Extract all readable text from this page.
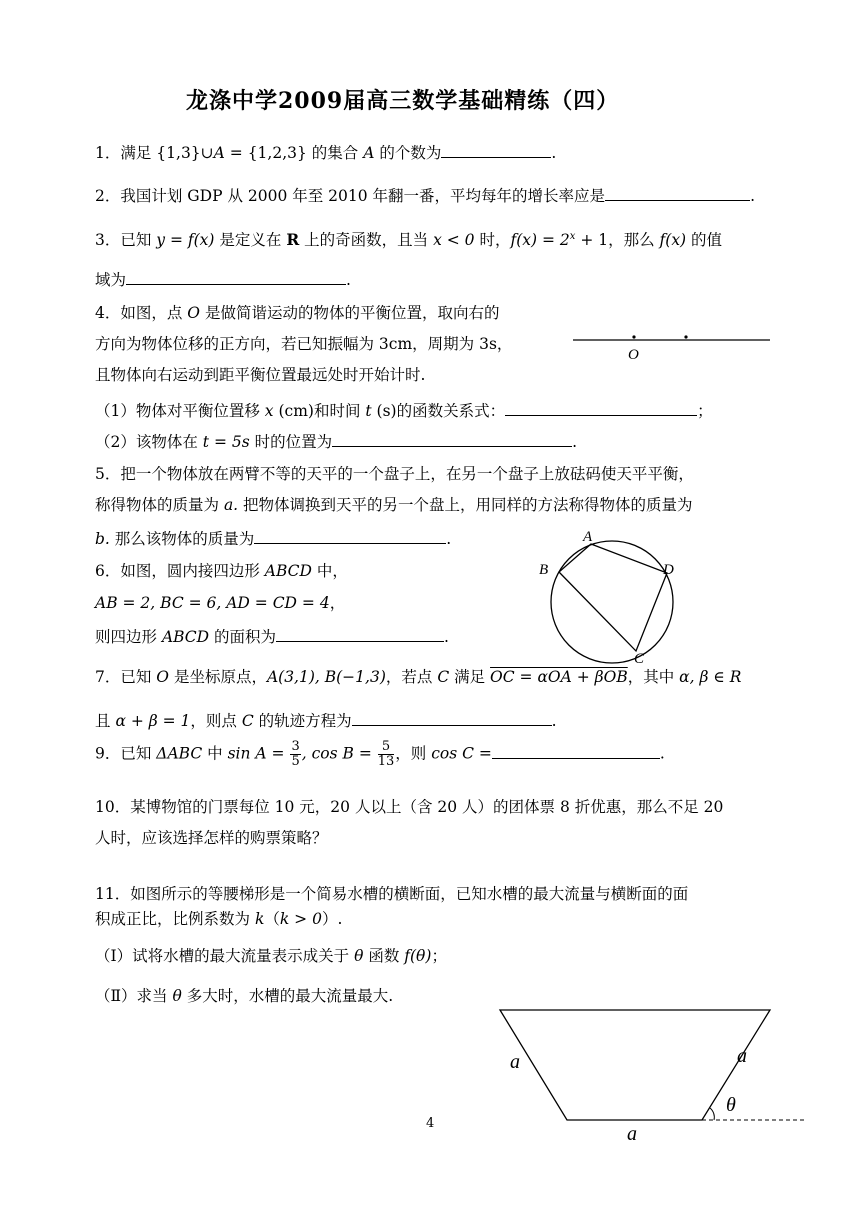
龙涤中学2009届高三数学基础精练（四）
1．满足 {1,3}∪A = {1,2,3} 的集合 A 的个数为	.
2．我国计划 GDP 从 2000 年至 2010 年翻一番，平均每年的增长率应是	.
3．已知 y = f(x) 是定义在 R 上的奇函数，且当 x < 0 时，$f(x) = 2^x + 1$，那么 f(x) 的值
域为	.
4．如图，点 O 是做简谐运动的物体的平衡位置，取向右的
方向为物体位移的正方向，若已知振幅为 3cm，周期为 3s，
且物体向右运动到距平衡位置最远处时开始计时.
（1）物体对平衡位置移 x (cm)和时间 t (s)的函数关系式：	；
（2）该物体在 t = 5s 时的位置为	.
O
5．把一个物体放在两臂不等的天平的一个盘子上，在另一个盘子上放砝码使天平平衡，
称得物体的质量为 a. 把物体调换到天平的另一个盘上，用同样的方法称得物体的质量为
b. 那么该物体的质量为	.
6．如图，圆内接四边形 ABCD 中，
AB = 2, BC = 6, AD = CD = 4，
则四边形 ABCD 的面积为	.
A
B	D
C
7．已知 O 是坐标原点，A(3,1), B(−1,3)，若点 C 满足 OC = αOA + βOB，其中 α, β ∈ R
且 α + β = 1，则点 C 的轨迹方程为	.
9．已知 ΔABC 中 $\sin A = \frac{3}{5}$ , $\cos B = \frac{5}{13}$ ，则 cos C =	.
10．某博物馆的门票每位 10 元，20 人以上（含 20 人）的团体票 8 折优惠，那么不足 20
人时，应该选择怎样的购票策略？
11．如图所示的等腰梯形是一个简易水槽的横断面，已知水槽的最大流量与横断面的面
积成正比，比例系数为 k（k > 0）.
（Ⅰ）试将水槽的最大流量表示成关于 θ 函数 f(θ)；
（Ⅱ）求当 θ 多大时，水槽的最大流量最大.
a	a
θ
a
4
